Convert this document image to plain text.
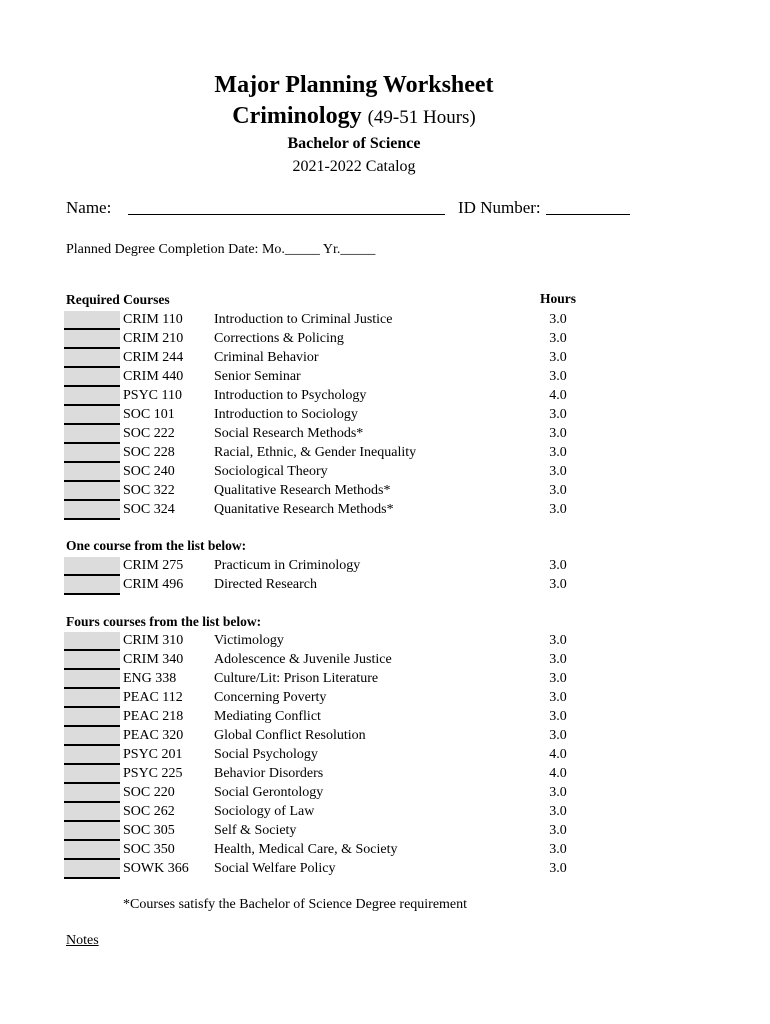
Major Planning Worksheet
Criminology (49-51 Hours)
Bachelor of Science
2021-2022 Catalog
Name:	ID Number:
Planned Degree Completion Date: Mo._____ Yr._____
Hours
Required Courses
CRIM 110 Introduction to Criminal Justice	3.0
CRIM 210 Corrections & Policing	3.0
CRIM 244 Criminal Behavior	3.0
CRIM 440 Senior Seminar	3.0
PSYC 110 Introduction to Psychology	4.0
SOC 101	Introduction to Sociology	3.0
SOC 222	Social Research Methods*	3.0
SOC 228	Racial, Ethnic, & Gender Inequality	3.0
SOC 240	Sociological Theory	3.0
SOC 322	Qualitative Research Methods*	3.0
SOC 324	Quanitative Research Methods*	3.0
One course from the list below:
CRIM 275 Practicum in Criminology	3.0
CRIM 496 Directed Research	3.0
Fours courses from the list below:
CRIM 310 Victimology	3.0
CRIM 340 Adolescence & Juvenile Justice	3.0
ENG 338	Culture/Lit: Prison Literature	3.0
PEAC 112 Concerning Poverty	3.0
PEAC 218 Mediating Conflict	3.0
PEAC 320 Global Conflict Resolution	3.0
PSYC 201 Social Psychology	4.0
PSYC 225 Behavior Disorders	4.0
SOC 220	Social Gerontology	3.0
SOC 262	Sociology of Law	3.0
SOC 305	Self & Society	3.0
SOC 350	Health, Medical Care, & Society	3.0
SOWK 366 Social Welfare Policy	3.0
*Courses satisfy the Bachelor of Science Degree requirement
Notes
